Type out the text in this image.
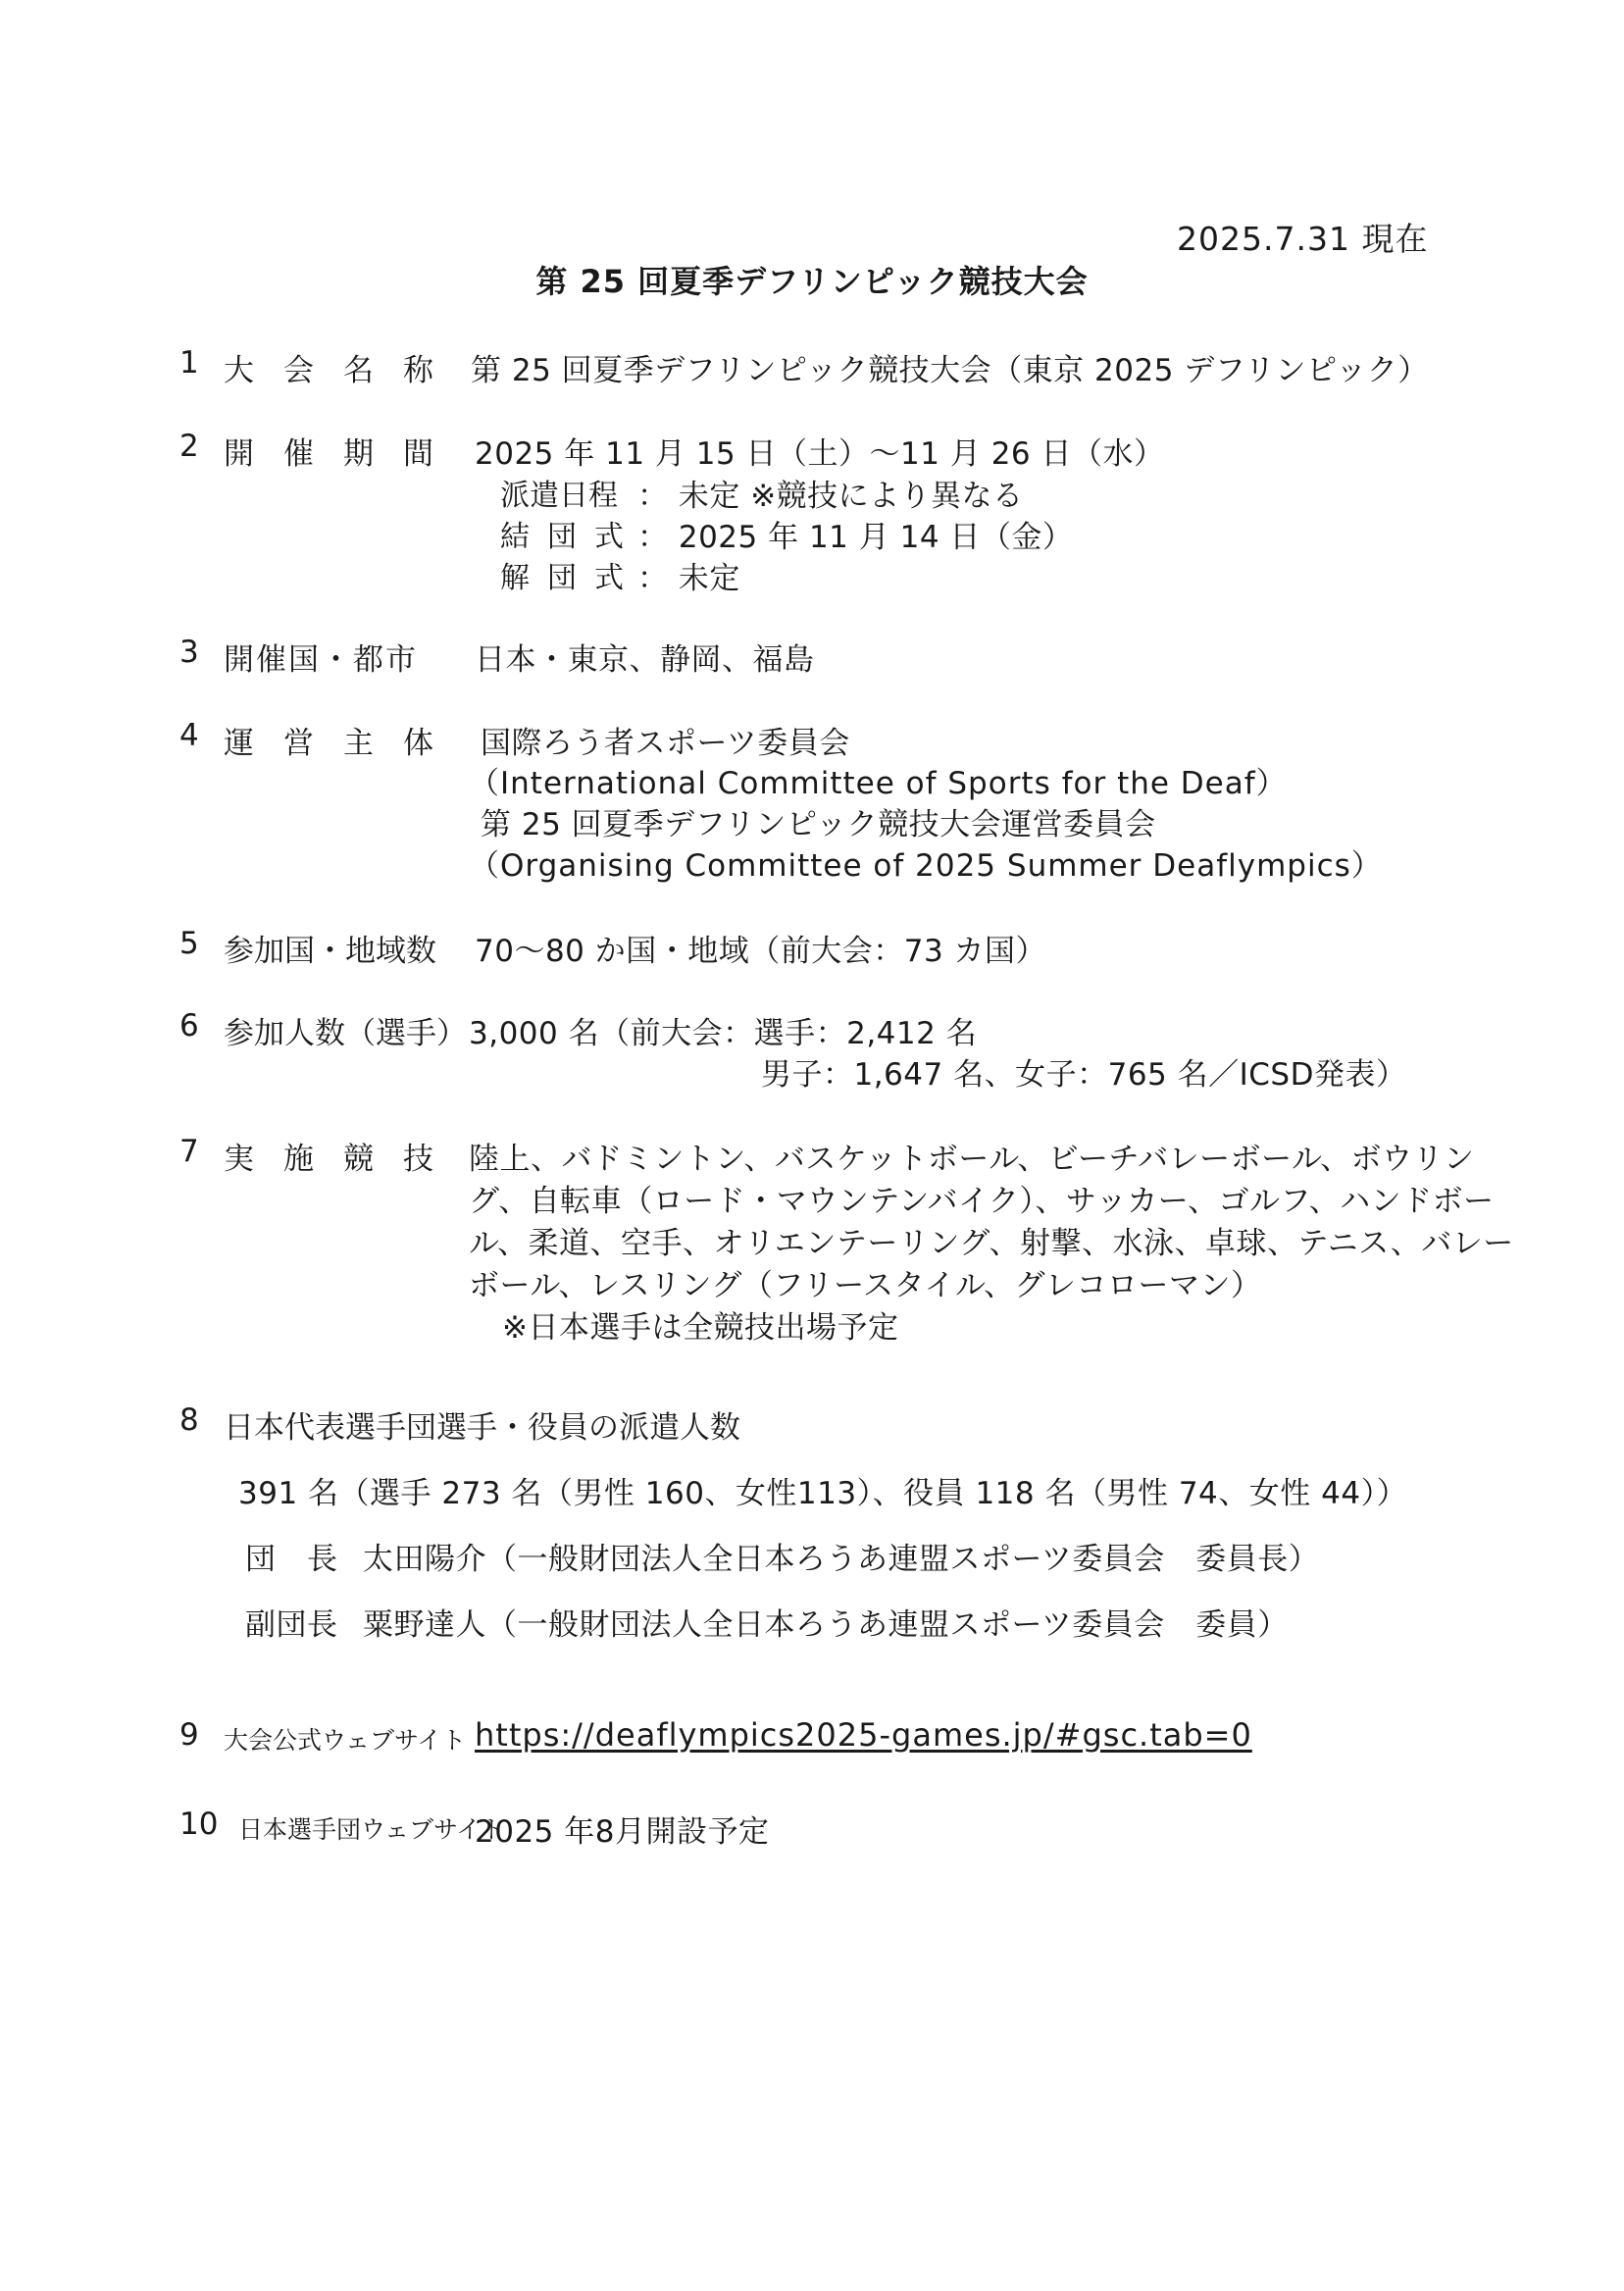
2025.7.31 現在
第 25 回夏季デフリンピック競技大会
1 大 会 名 称 第 25 回夏季デフリンピック競技大会（東京 2025 デフリンピック）
2 開 催 期 間 2025 年 11 月 15 日（土）～11 月 26 日（水）
派遣日程 ： 未定 ※競技により異なる
結団式
： 2025 年 11 月 14 日（金）
解団式
： 未定
3 開催国・都市 日本・東京、静岡、福島
4 運 営 主 体 国際ろう者スポーツ委員会
（International Committee of Sports for the Deaf）
第 25 回夏季デフリンピック競技大会運営委員会
（Organising Committee of 2025 Summer Deaflympics）
5 参加国・地域数 70～80 か国・地域（前大会：73 カ国）
6 参加人数（選手） 3,000 名（前大会：選手：2,412 名
男子：1,647 名、女子：765 名／ICSD発表）
7 実 施 競 技 陸上、バドミントン、バスケットボール、ビーチバレーボール、ボウリン
グ、自転車（ロード・マウンテンバイク）、サッカー、ゴルフ、ハンドボー
ル、柔道、空手、オリエンテーリング、射撃、水泳、卓球、テニス、バレー
ボール、レスリング（フリースタイル、グレコローマン）
※日本選手は全競技出場予定
8 日本代表選手団選手・役員の派遣人数
391 名（選手 273 名（男性 160、女性113）、役員 118 名（男性 74、女性 44））
団　長 太田陽介（一般財団法人全日本ろうあ連盟スポーツ委員会　委員長）
副団長 粟野達人（一般財団法人全日本ろうあ連盟スポーツ委員会　委員）
9 大会公式ウェブサイト https://deaflympics2025-games.jp/#gsc.tab=0
10 日本選手団ウェブサイト
2025 年8月開設予定
